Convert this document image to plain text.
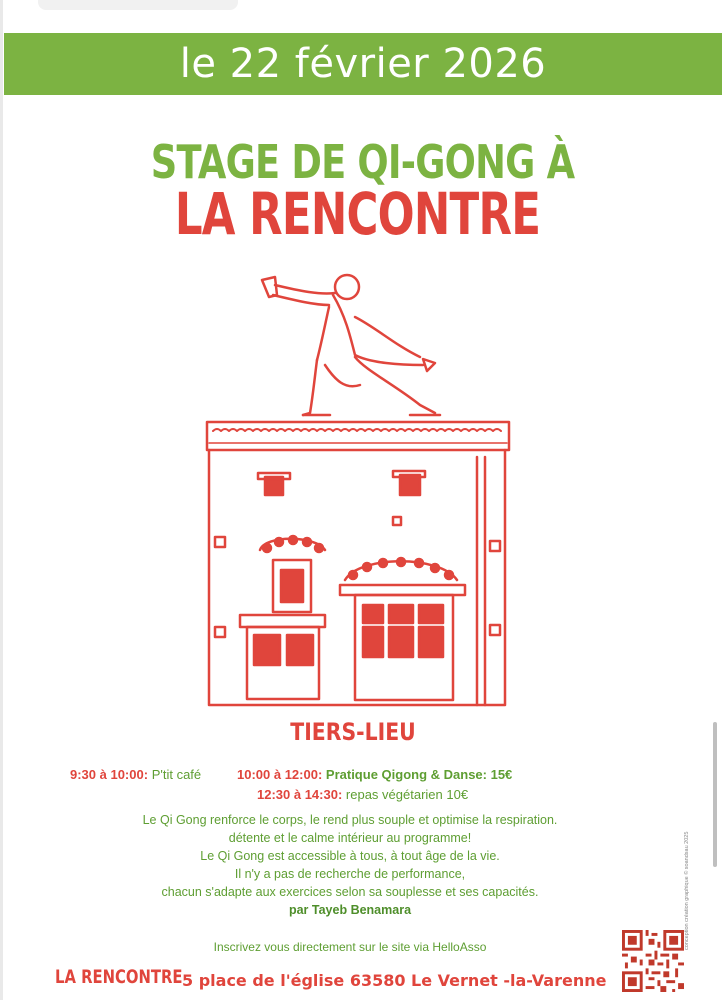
le 22 février 2026
STAGE DE QI-GONG À
LA RENCONTRE
TIERS-LIEU
9:30 à 10:00: P'tit café	10:00 à 12:00: Pratique Qigong & Danse: 15€
12:30 à 14:30: repas végétarien 10€
Le Qi Gong renforce le corps, le rend plus souple et optimise la respiration.
détente et le calme intérieur au programme!
Le Qi Gong est accessible à tous, à tout âge de la vie.
Il n'y a pas de recherche de performance,
chacun s'adapte aux exercices selon sa souplesse et ses capacités.
par Tayeb Benamara
Inscrivez vous directement sur le site via HelloAsso
LA RENCONTRE 5 place de l'église 63580 Le Vernet -la-Varenne
conception création graphique © soandsau 2025
